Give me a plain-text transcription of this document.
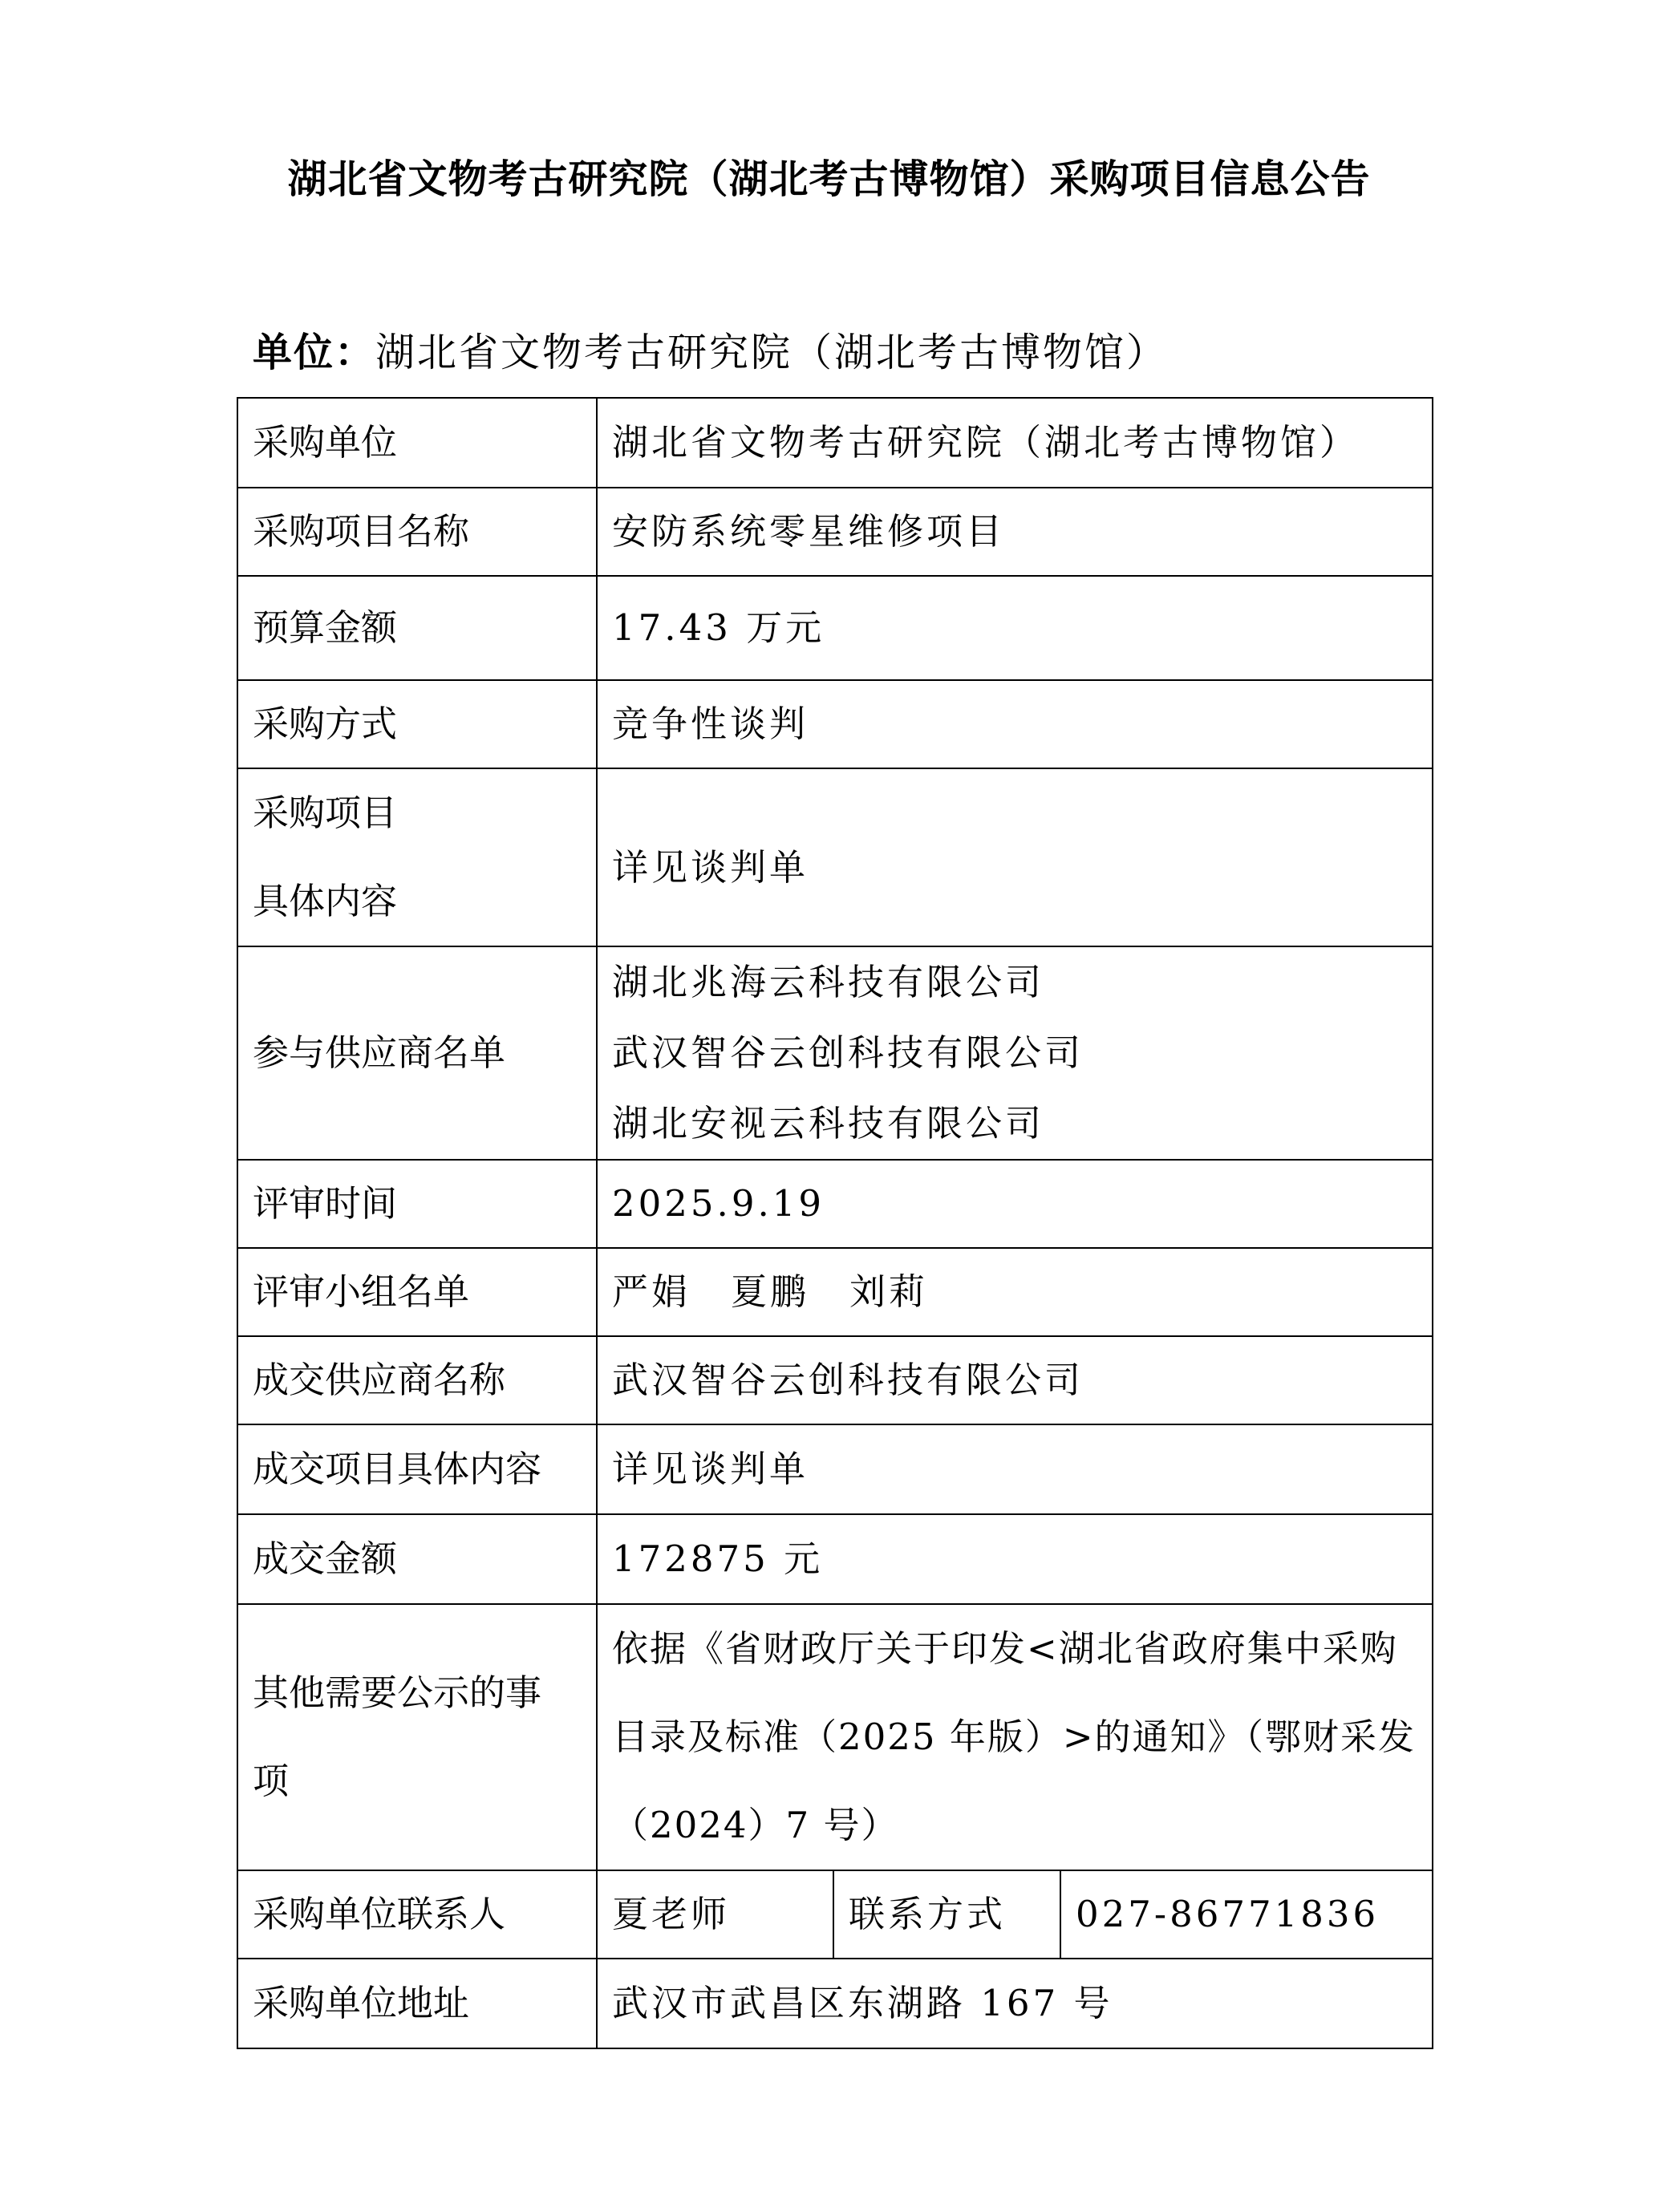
湖北省文物考古研究院（湖北考古博物馆）采购项目信息公告
单位：湖北省文物考古研究院（湖北考古博物馆）
采购单位	湖北省文物考古研究院（湖北考古博物馆）		
采购项目名称	安防系统零星维修项目		
预算金额	17.43 万元		
采购方式	竞争性谈判		

采购项目
具体内容	详见谈判单		
参与供应商名单	湖北兆海云科技有限公司
武汉智谷云创科技有限公司
湖北安视云科技有限公司		

评审时间	2025.9.19		
评审小组名单	严娟 夏鹏 刘莉		
成交供应商名称	武汉智谷云创科技有限公司		
成交项目具体内容	详见谈判单		
成交金额	172875 元		

其他需要公示的事
项	依据《省财政厅关于印发<湖北省政府集中采购
目录及标准（2025 年版）>的通知》（鄂财采发
（2024）7 号）		

采购单位联系人	夏老师	联系方式	027-86771836
采购单位地址	武汉市武昌区东湖路 167 号		
